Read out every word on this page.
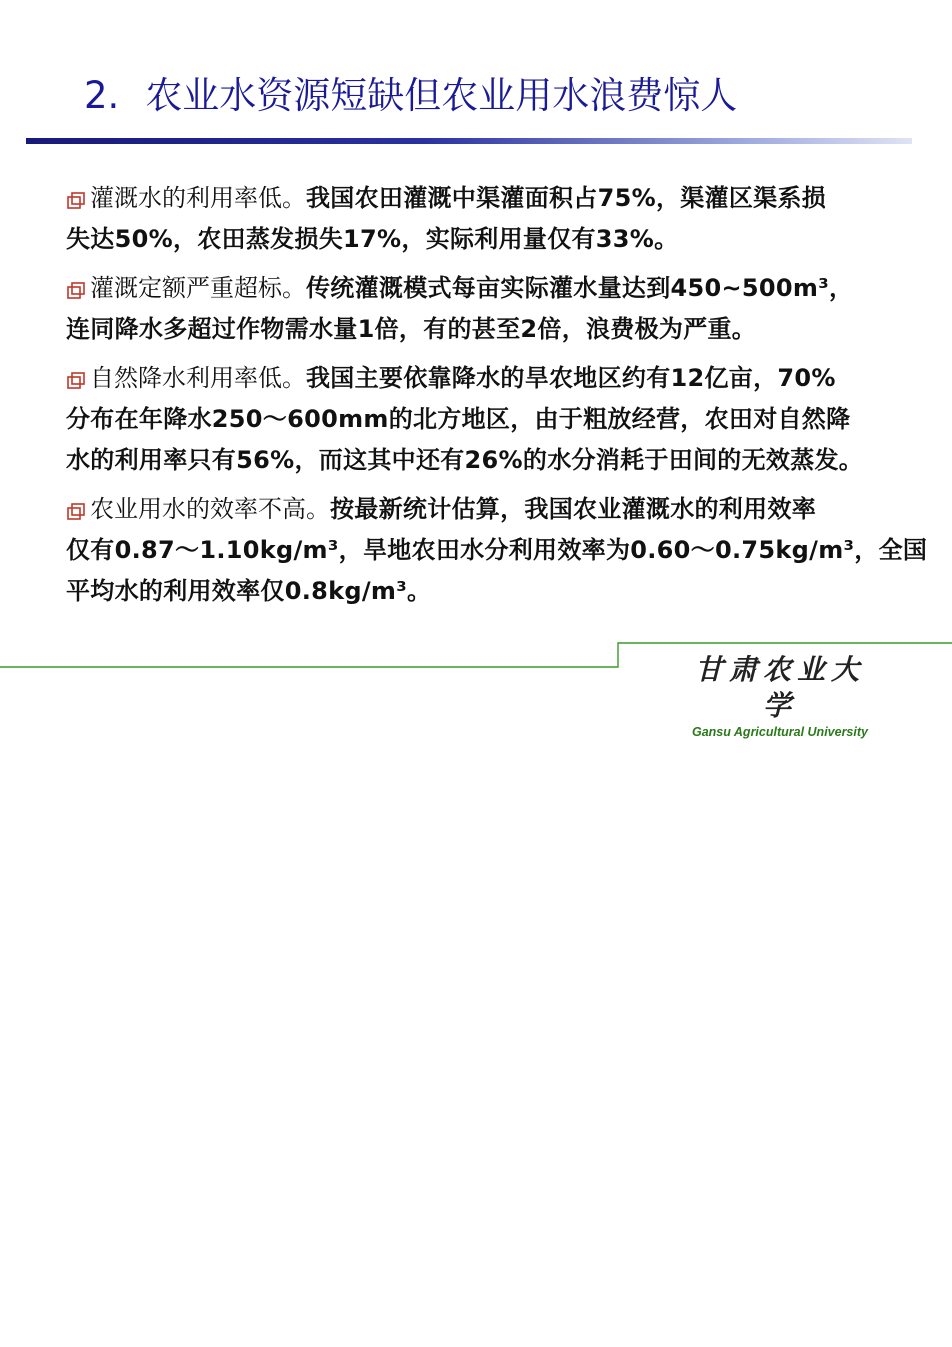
2. 农业水资源短缺但农业用水浪费惊人

灌溉水的利用率低。我国农田灌溉中渠灌面积占75%，渠灌区渠系损
失达50%，农田蒸发损失17%，实际利用量仅有33%。

灌溉定额严重超标。传统灌溉模式每亩实际灌水量达到450~500m³，
连同降水多超过作物需水量1倍，有的甚至2倍，浪费极为严重。

自然降水利用率低。我国主要依靠降水的旱农地区约有12亿亩，70%
分布在年降水250～600mm的北方地区，由于粗放经营，农田对自然降
水的利用率只有56%，而这其中还有26%的水分消耗于田间的无效蒸发。

农业用水的效率不高。按最新统计估算，我国农业灌溉水的利用效率
仅有0.87～1.10kg/m³，旱地农田水分利用效率为0.60～0.75kg/m³，全国
平均水的利用效率仅0.8kg/m³。

甘肃农业大学
Gansu Agricultural University
